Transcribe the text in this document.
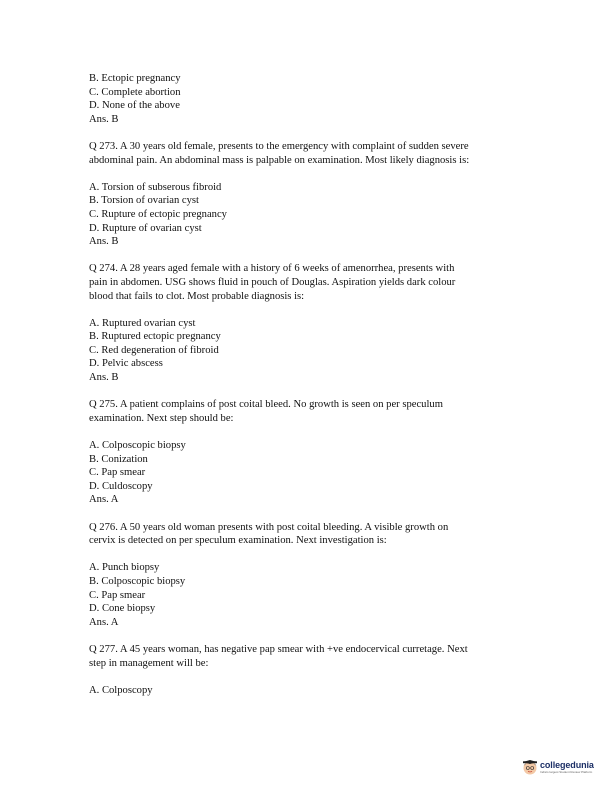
B. Ectopic pregnancy
C. Complete abortion
D. None of the above
Ans. B
Q 273. A 30 years old female, presents to the emergency with complaint of sudden severe
abdominal pain. An abdominal mass is palpable on examination. Most likely diagnosis is:
A. Torsion of subserous fibroid
B. Torsion of ovarian cyst
C. Rupture of ectopic pregnancy
D. Rupture of ovarian cyst
Ans. B
Q 274. A 28 years aged female with a history of 6 weeks of amenorrhea, presents with
pain in abdomen. USG shows fluid in pouch of Douglas. Aspiration yields dark colour
blood that fails to clot. Most probable diagnosis is:
A. Ruptured ovarian cyst
B. Ruptured ectopic pregnancy
C. Red degeneration of fibroid
D. Pelvic abscess
Ans. B
Q 275. A patient complains of post coital bleed. No growth is seen on per speculum
examination. Next step should be:
A. Colposcopic biopsy
B. Conization
C. Pap smear
D. Culdoscopy
Ans. A
Q 276. A 50 years old woman presents with post coital bleeding. A visible growth on
cervix is detected on per speculum examination. Next investigation is:
A. Punch biopsy
B. Colposcopic biopsy
C. Pap smear
D. Cone biopsy
Ans. A
Q 277. A 45 years woman, has negative pap smear with +ve endocervical curretage. Next
step in management will be:
A. Colposcopy
collegedunia
India's largest Student Review Platform
